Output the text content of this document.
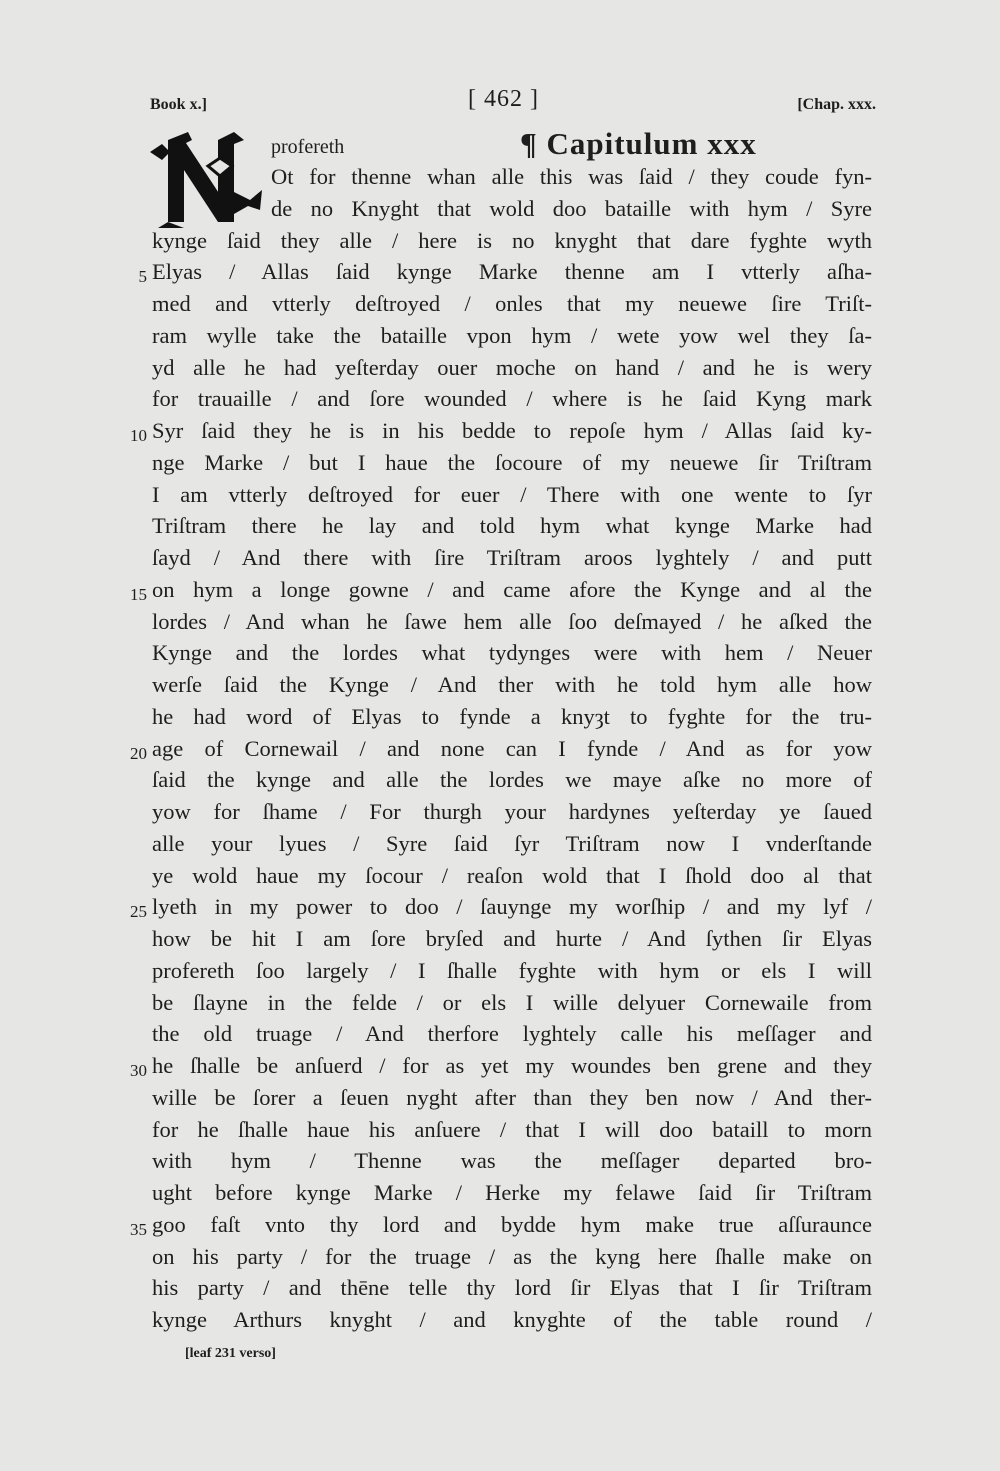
Book x.]	[ 462 ]	[Chap. xxx.
profereth	¶ Capitulum xxx
Ot for thenne whan alle this was ſaid / they coude fyn-
de no Knyght that wold doo bataille with hym / Syre
kynge ſaid they alle / here is no knyght that dare fyghte wyth
5 Elyas / Allas ſaid kynge Marke thenne am I vtterly aſha-
med and vtterly deſtroyed / onles that my neuewe ſire Triſt-
ram wylle take the bataille vpon hym / wete yow wel they ſa-
yd alle he had yeſterday ouer moche on hand / and he is wery
for trauaille / and ſore wounded / where is he ſaid Kyng mark
10 Syr ſaid they he is in his bedde to repoſe hym / Allas ſaid ky-
nge Marke / but I haue the ſocoure of my neuewe ſir Triſtram
I am vtterly deſtroyed for euer / There with one wente to ſyr
Triſtram there he lay and told hym what kynge Marke had
ſayd / And there with ſire Triſtram aroos lyghtely / and putt
15 on hym a longe gowne / and came afore the Kynge and al the
lordes / And whan he ſawe hem alle ſoo deſmayed / he aſked the
Kynge and the lordes what tydynges were with hem / Neuer
werſe ſaid the Kynge / And ther with he told hym alle how
he had word of Elyas to fynde a knyȝt to fyghte for the tru-
20 age of Cornewail / and none can I fynde / And as for yow
ſaid the kynge and alle the lordes we maye aſke no more of
yow for ſhame / For thurgh your hardynes yeſterday ye ſaued
alle your lyues / Syre ſaid ſyr Triſtram now I vnderſtande
ye wold haue my ſocour / reaſon wold that I ſhold doo al that
25 lyeth in my power to doo / ſauynge my worſhip / and my lyf /
how be hit I am ſore bryſed and hurte / And ſythen ſir Elyas
profereth ſoo largely / I ſhalle fyghte with hym or els I will
be ſlayne in the felde / or els I wille delyuer Cornewaile from
the old truage / And therfore lyghtely calle his meſſager and
30 he ſhalle be anſuerd / for as yet my woundes ben grene and they
wille be ſorer a ſeuen nyght after than they ben now / And ther-
for he ſhalle haue his anſuere / that I will doo bataill to morn
with hym / Thenne was the meſſager departed bro-
ught before kynge Marke / Herke my felawe ſaid ſir Triſtram
35 goo faſt vnto thy lord and bydde hym make true aſſuraunce
on his party / for the truage / as the kyng here ſhalle make on
his party / and thēne telle thy lord ſir Elyas that I ſir Triſtram
kynge Arthurs knyght / and knyghte of the table round /
[leaf 231 verso]
